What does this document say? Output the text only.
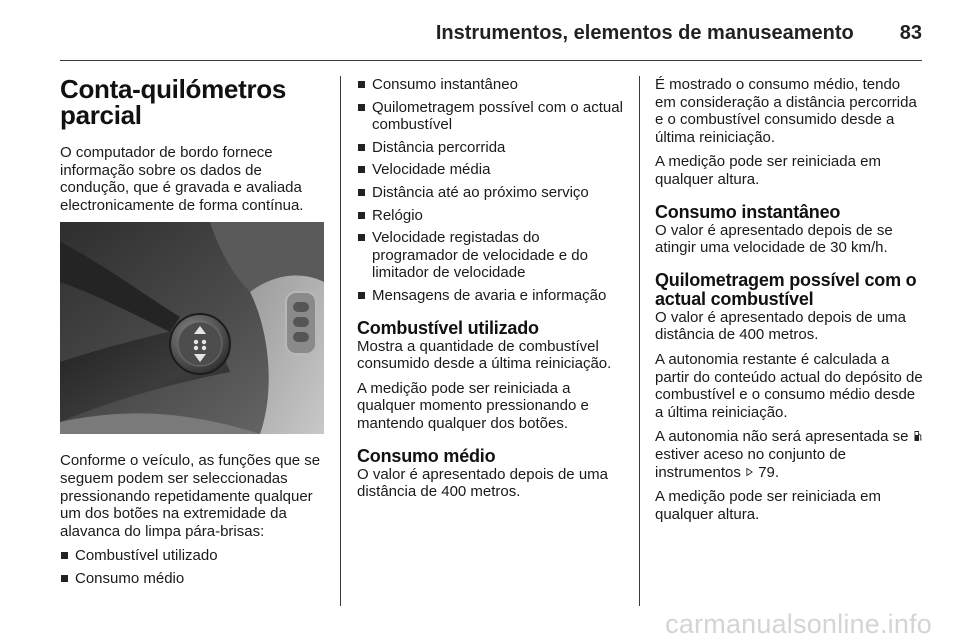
Instrumentos, elementos de manuseamento 83
Conta-quilómetros parcial

O computador de bordo fornece informação sobre os dados de condução, que é gravada e avaliada electronicamente de forma contínua.

Conforme o veículo, as funções que se seguem podem ser seleccionadas pressionando repetidamente qualquer um dos botões na extremidade da alavanca do limpa pára-brisas:

Combustível utilizado
Consumo médio
Consumo instantâneo
Quilometragem possível com o actual combustível
Distância percorrida
Velocidade média
Distância até ao próximo serviço
Relógio
Velocidade registadas do programador de velocidade e do limitador de velocidade
Mensagens de avaria e informação
Combustível utilizado

Mostra a quantidade de combustível consumido desde a última reiniciação.

A medição pode ser reiniciada a qualquer momento pressionando e mantendo qualquer dos botões.

Consumo médio

O valor é apresentado depois de uma distância de 400 metros.

É mostrado o consumo médio, tendo em consideração a distância percorrida e o combustível consumido desde a última reiniciação.

A medição pode ser reiniciada em qualquer altura.

Consumo instantâneo

O valor é apresentado depois de se atingir uma velocidade de 30 km/h.

Quilometragem possível com o actual combustível

O valor é apresentado depois de uma distância de 400 metros.

A autonomia restante é calculada a partir do conteúdo actual do depósito de combustível e o consumo médio desde a última reiniciação.

A autonomia não será apresentada se  estiver aceso no conjunto de instrumentos 79.

A medição pode ser reiniciada em qualquer altura.

carmanualsonline.info
